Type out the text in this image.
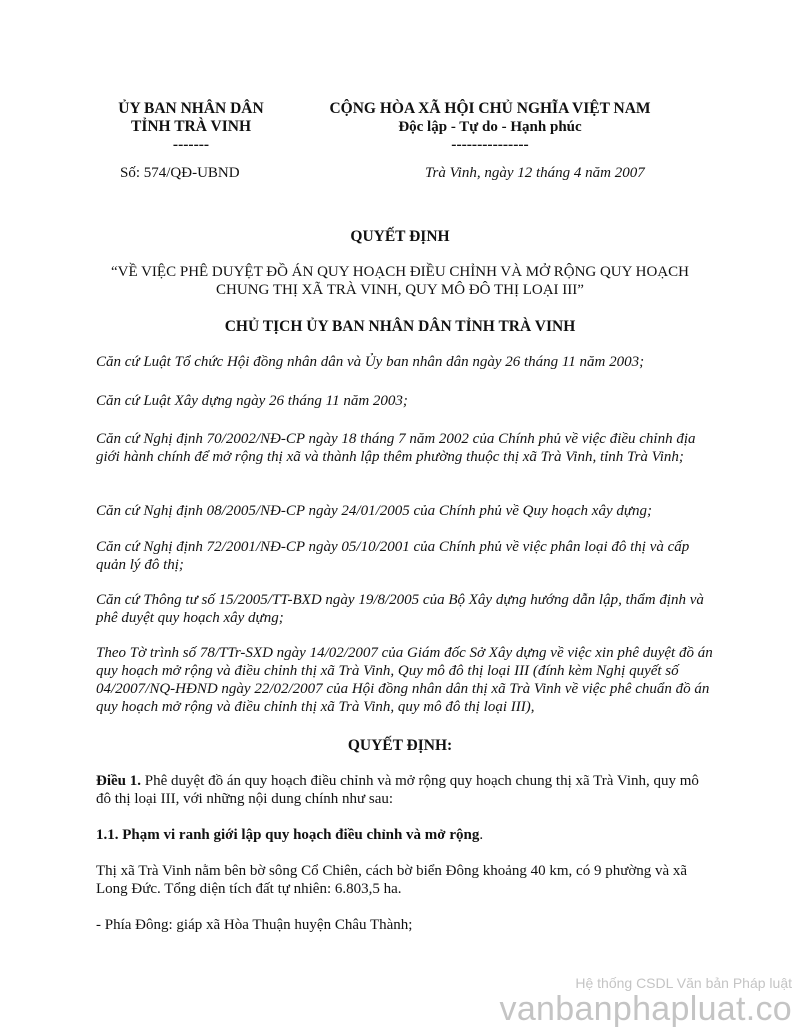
ỦY BAN NHÂN DÂN
TỈNH TRÀ VINH
-------
CỘNG HÒA XÃ HỘI CHỦ NGHĨA VIỆT NAM
Độc lập - Tự do - Hạnh phúc
---------------
Số: 574/QĐ-UBND	Trà Vinh, ngày 12 tháng 4 năm 2007
QUYẾT ĐỊNH
“VỀ VIỆC PHÊ DUYỆT ĐỒ ÁN QUY HOẠCH ĐIỀU CHỈNH VÀ MỞ RỘNG QUY HOẠCH
CHUNG THỊ XÃ TRÀ VINH, QUY MÔ ĐÔ THỊ LOẠI III”
CHỦ TỊCH ỦY BAN NHÂN DÂN TỈNH TRÀ VINH
Căn cứ Luật Tổ chức Hội đồng nhân dân và Ủy ban nhân dân ngày 26 tháng 11 năm 2003;
Căn cứ Luật Xây dựng ngày 26 tháng 11 năm 2003;
Căn cứ Nghị định 70/2002/NĐ-CP ngày 18 tháng 7 năm 2002 của Chính phủ về việc điều chỉnh địa giới hành chính để mở rộng thị xã và thành lập thêm phường thuộc thị xã Trà Vinh, tỉnh Trà Vinh;
Căn cứ Nghị định 08/2005/NĐ-CP ngày 24/01/2005 của Chính phủ về Quy hoạch xây dựng;
Căn cứ Nghị định 72/2001/NĐ-CP ngày 05/10/2001 của Chính phủ về việc phân loại đô thị và cấp quản lý đô thị;
Căn cứ Thông tư số 15/2005/TT-BXD ngày 19/8/2005 của Bộ Xây dựng hướng dẫn lập, thẩm định và phê duyệt quy hoạch xây dựng;
Theo Tờ trình số 78/TTr-SXD ngày 14/02/2007 của Giám đốc Sở Xây dựng về việc xin phê duyệt đồ án quy hoạch mở rộng và điều chỉnh thị xã Trà Vinh, Quy mô đô thị loại III (đính kèm Nghị quyết số 04/2007/NQ-HĐND ngày 22/02/2007 của Hội đồng nhân dân thị xã Trà Vinh về việc phê chuẩn đồ án quy hoạch mở rộng và điều chỉnh thị xã Trà Vinh, quy mô đô thị loại III),
QUYẾT ĐỊNH:
Điều 1. Phê duyệt đồ án quy hoạch điều chỉnh và mở rộng quy hoạch chung thị xã Trà Vinh, quy mô đô thị loại III, với những nội dung chính như sau:
1.1. Phạm vi ranh giới lập quy hoạch điều chỉnh và mở rộng.
Thị xã Trà Vinh nằm bên bờ sông Cổ Chiên, cách bờ biển Đông khoảng 40 km, có 9 phường và xã Long Đức. Tổng diện tích đất tự nhiên: 6.803,5 ha.
- Phía Đông: giáp xã Hòa Thuận huyện Châu Thành;
Hệ thống CSDL Văn bản Pháp luật
vanbanphapluat.co
